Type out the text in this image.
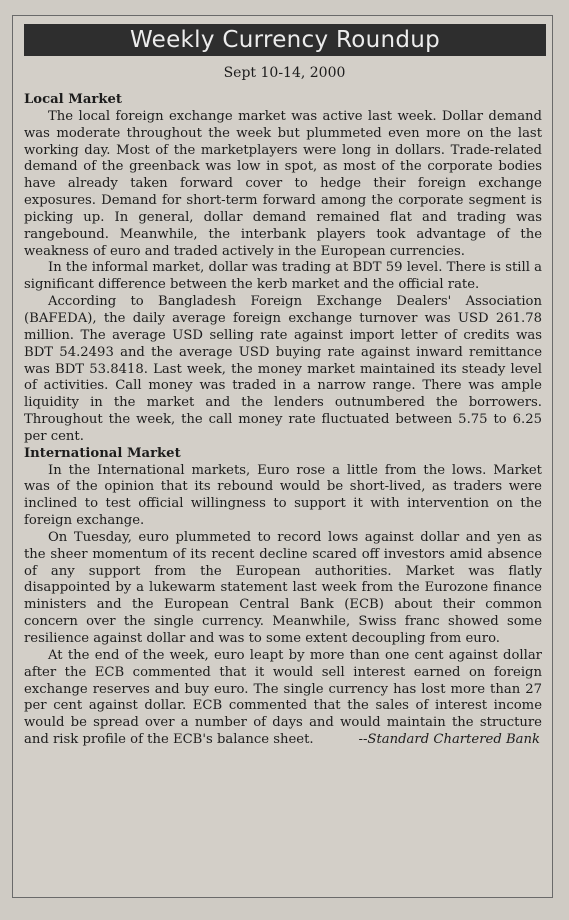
Weekly Currency Roundup
Sept 10-14, 2000

Local Market

The local foreign exchange market was active last week. Dollar demand was moderate throughout the week but plummeted even more on the last working day. Most of the marketplayers were long in dollars. Trade-related demand of the greenback was low in spot, as most of the corporate bodies have already taken forward cover to hedge their foreign exchange exposures. Demand for short-term forward among the corporate segment is picking up. In general, dollar demand remained flat and trading was rangebound. Meanwhile, the interbank players took advantage of the weakness of euro and traded actively in the European currencies.

In the informal market, dollar was trading at BDT 59 level. There is still a significant difference between the kerb market and the official rate.

According to Bangladesh Foreign Exchange Dealers' Association (BAFEDA), the daily average foreign exchange turnover was USD 261.78 million. The average USD selling rate against import letter of credits was BDT 54.2493 and the average USD buying rate against inward remittance was BDT 53.8418. Last week, the money market maintained its steady level of activities. Call money was traded in a narrow range. There was ample liquidity in the market and the lenders outnumbered the borrowers. Throughout the week, the call money rate fluctuated between 5.75 to 6.25 per cent.

International Market

In the International markets, Euro rose a little from the lows. Market was of the opinion that its rebound would be short-lived, as traders were inclined to test official willingness to support it with intervention on the foreign exchange.

On Tuesday, euro plummeted to record lows against dollar and yen as the sheer momentum of its recent decline scared off investors amid absence of any support from the European authorities. Market was flatly disappointed by a lukewarm statement last week from the Eurozone finance ministers and the European Central Bank (ECB) about their common concern over the single currency. Meanwhile, Swiss franc showed some resilience against dollar and was to some extent decoupling from euro.

At the end of the week, euro leapt by more than one cent against dollar after the ECB commented that it would sell interest earned on foreign exchange reserves and buy euro. The single currency has lost more than 27 per cent against dollar. ECB commented that the sales of interest income would be spread over a number of days and would maintain the structure and risk profile of the ECB's balance sheet.	--Standard Chartered Bank
